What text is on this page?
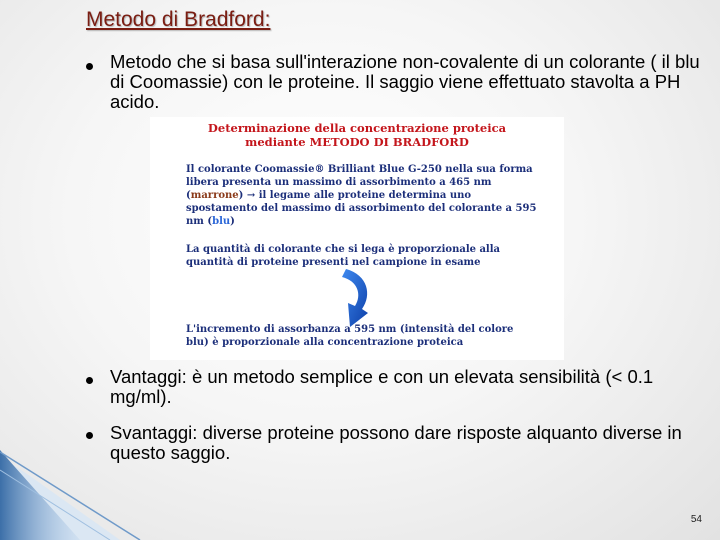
Metodo di Bradford:
Metodo che si basa sull'interazione non-covalente di un colorante ( il blu di Coomassie) con le proteine. Il saggio viene effettuato stavolta a PH acido.
Determinazione della concentrazione proteica
mediante METODO DI BRADFORD
Il colorante Coomassie® Brilliant Blue G-250 nella sua forma libera presenta un massimo di assorbimento a 465 nm (marrone) → il legame alle proteine determina uno spostamento del massimo di assorbimento del colorante a 595 nm (blu)
La quantità di colorante che si lega è proporzionale alla quantità di proteine presenti nel campione in esame
L'incremento di assorbanza a 595 nm (intensità del colore blu) è proporzionale alla concentrazione proteica
Vantaggi: è un metodo semplice e con un elevata sensibilità (< 0.1 mg/ml).
Svantaggi: diverse proteine possono dare risposte alquanto diverse in questo saggio.
54
